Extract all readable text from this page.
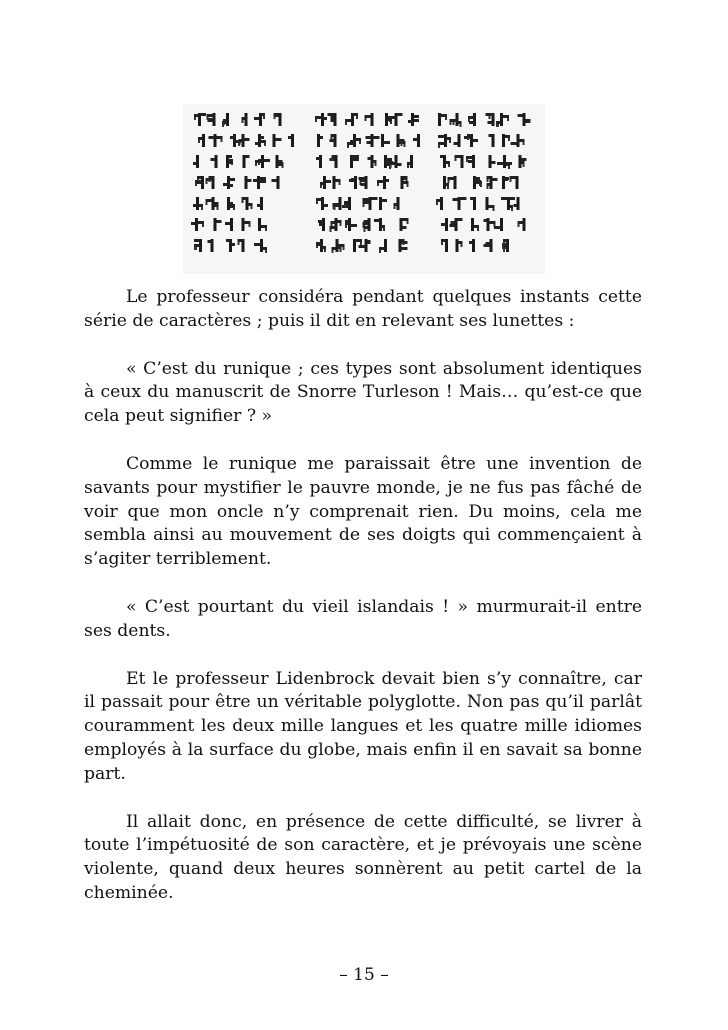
Le professeur considéra pendant quelques instants cette série de caractères ; puis il dit en relevant ses lunettes :

« C’est du runique ; ces types sont absolument identiques à ceux du manuscrit de Snorre Turleson ! Mais… qu’est-ce que cela peut signifier ? »

Comme le runique me paraissait être une invention de savants pour mystifier le pauvre monde, je ne fus pas fâché de voir que mon oncle n’y comprenait rien. Du moins, cela me sembla ainsi au mouvement de ses doigts qui commençaient à s’agiter terriblement.

« C’est pourtant du vieil islandais ! » murmurait-il entre ses dents.

Et le professeur Lidenbrock devait bien s’y connaître, car il passait pour être un véritable polyglotte. Non pas qu’il parlât couramment les deux mille langues et les quatre mille idiomes employés à la surface du globe, mais enfin il en savait sa bonne part.

Il allait donc, en présence de cette difficulté, se livrer à toute l’impétuosité de son caractère, et je prévoyais une scène violente, quand deux heures sonnèrent au petit cartel de la cheminée.

– 15 –
